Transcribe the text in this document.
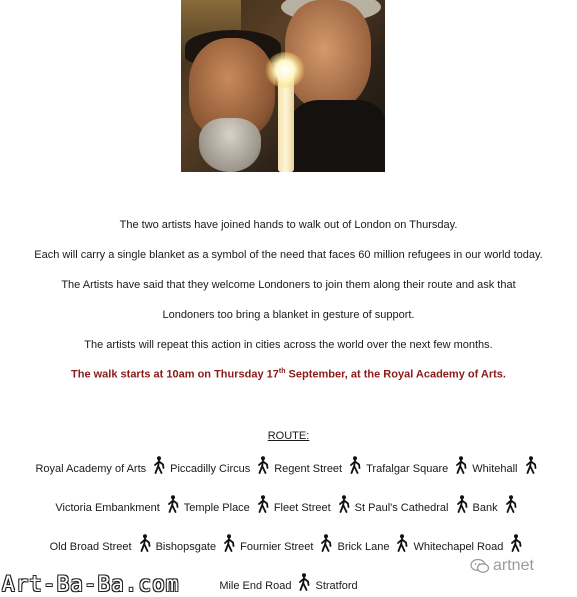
The two artists have joined hands to walk out of London on Thursday.
Each will carry a single blanket as a symbol of the need that faces 60 million refugees in our world today.
The Artists have said that they welcome Londoners to join them along their route and ask that
Londoners too bring a blanket in gesture of support.
The artists will repeat this action in cities across the world over the next few months.
The walk starts at 10am on Thursday 17th September, at the Royal Academy of Arts.
ROUTE:
Royal Academy of Arts Piccadilly Circus Regent Street Trafalgar Square Whitehall
Victoria Embankment Temple Place Fleet Street St Paul's Cathedral Bank
Old Broad Street Bishopsgate Fournier Street Brick Lane Whitechapel Road
Mile End Road Stratford
Art-Ba-Ba.com
artnet
